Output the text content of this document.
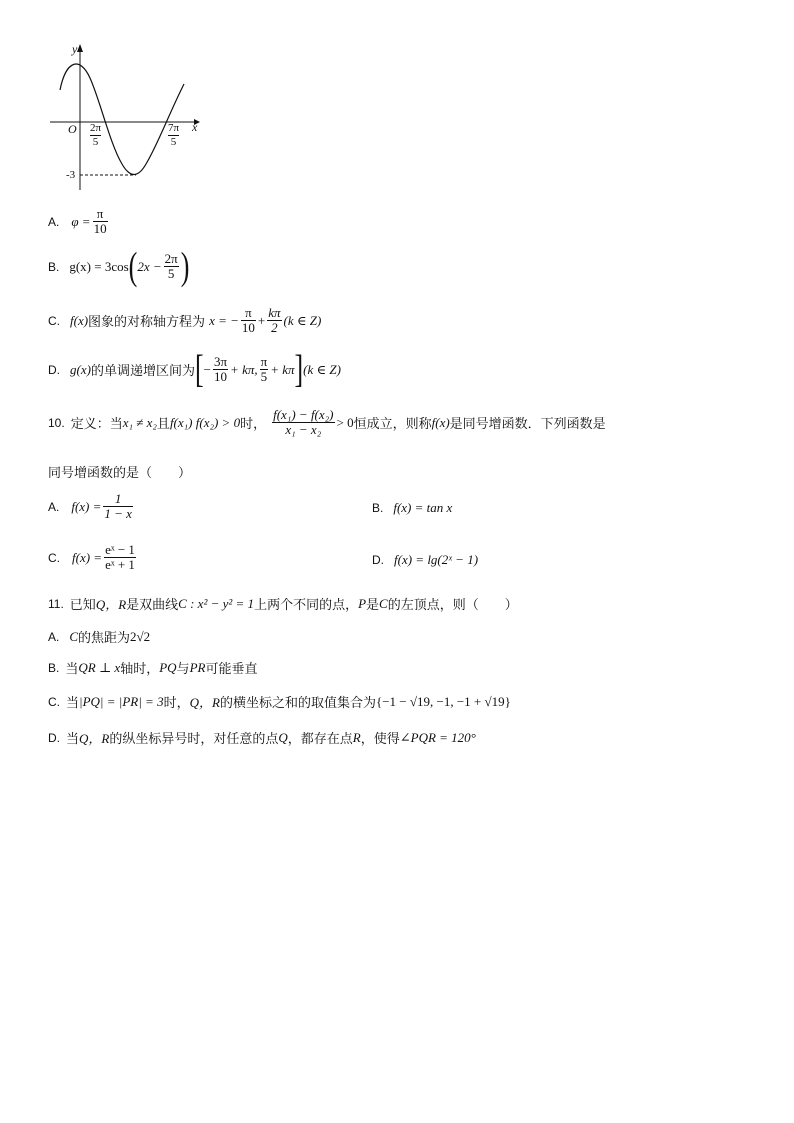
y
x
O $\frac{2\pi}{5}$	$\frac{7\pi}{5}$
-3
A. $\varphi = \frac{\pi}{10}$
B. g(x) = 3cos ( $2x - \frac{2\pi}{5}$ )
C. f(x) 图象的对称轴方程为 x = − $\frac{\pi}{10} + \frac{k\pi}{2} (k$ ∈ Z)
D. g(x) 的单调递增区间为 [ − $\frac{3\pi}{10} + k\pi$, $\frac{\pi}{5} + k\pi$ ] (k ∈ Z)
10. 定义：当 x₁ ≠ x₂ 且 f(x₁) f(x₂) > 0 时， $\frac{\text{f(x₁) − f(x₂)}}{\text{x₁ − x₂}} > 0$ 恒成立，则称 f(x) 是同号增函数．下列函数是
同号增函数的是（　　）
A. $f(x) = \frac{1}{1 - x}$	B. f(x) = tan x
C. $f(x) = \frac{\text{eˣ − 1}}{\text{eˣ + 1}}$	D. f(x) = lg(2ˣ − 1)
11. 已知 Q，R 是双曲线 C : x² − y² = 1 上两个不同的点， P 是 C 的左顶点，则（　　）
A. C 的焦距为 2√2
B. 当 QR ⊥ x 轴时， PQ 与 PR 可能垂直
C. 当 |PQ| = |PR| = 3 时， Q，R 的横坐标之和的取值集合为 {−1 − √19, −1, −1 + √19}
D. 当 Q，R 的纵坐标异号时，对任意的点 Q ，都存在点 R ，使得 ∠PQR = 120°
